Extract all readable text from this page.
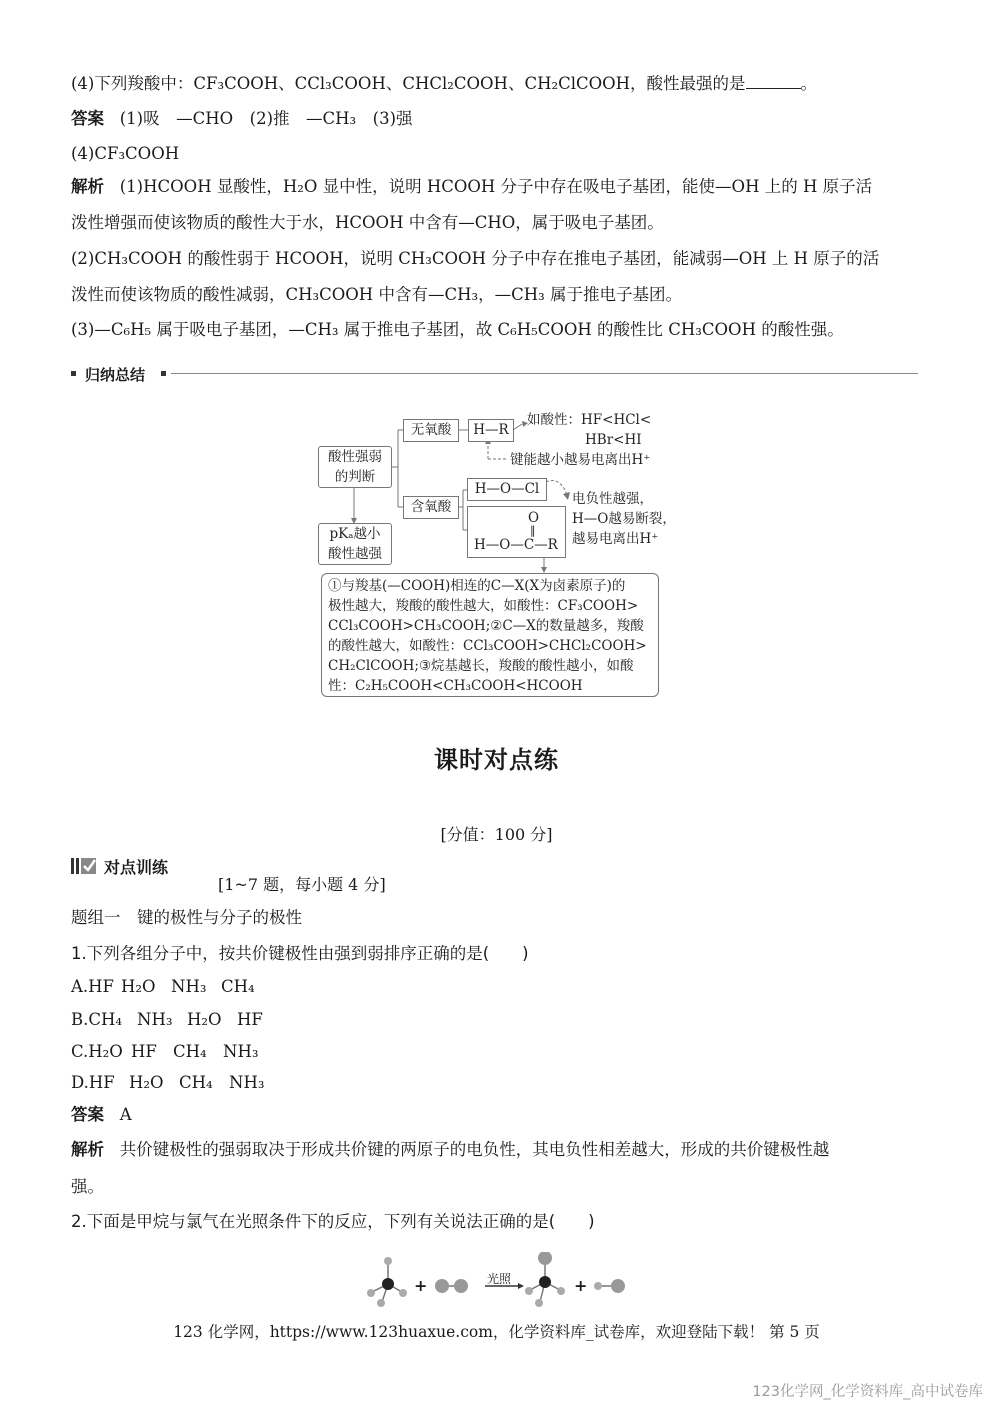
(4)下列羧酸中：CF₃COOH、CCl₃COOH、CHCl₂COOH、CH₂ClCOOH，酸性最强的是	。
答案 (1)吸　—CHO　(2)推　—CH₃　(3)强
(4)CF₃COOH
解析 (1)HCOOH 显酸性，H₂O 显中性，说明 HCOOH 分子中存在吸电子基团，能使—OH 上的 H 原子活
泼性增强而使该物质的酸性大于水，HCOOH 中含有—CHO，属于吸电子基团。
(2)CH₃COOH 的酸性弱于 HCOOH，说明 CH₃COOH 分子中存在推电子基团，能减弱—OH 上 H 原子的活
泼性而使该物质的酸性减弱，CH₃COOH 中含有—CH₃，—CH₃ 属于推电子基团。
(3)—C₆H₅ 属于吸电子基团，—CH₃ 属于推电子基团，故 C₆H₅COOH 的酸性比 CH₃COOH 的酸性强。
归纳总结
酸性强弱
的判断
无氧酸	H—R
如酸性：HF<HCl<
HBr<HI
键能越小越易电离出H⁺
含氧酸
H—O—Cl
O
‖
H—O—C—R
电负性越强，
H—O越易断裂，
越易电离出H⁺
pKₐ越小
酸性越强
①与羧基(—COOH)相连的C—X(X为卤素原子)的
极性越大，羧酸的酸性越大，如酸性：CF₃COOH>
CCl₃COOH>CH₃COOH;②C—X的数量越多，羧酸
的酸性越大，如酸性：CCl₃COOH>CHCl₂COOH>
CH₂ClCOOH;③烷基越长，羧酸的酸性越小，如酸
性：C₂H₅COOH<CH₃COOH<HCOOH
课时对点练
[分值：100 分]
对点训练
[1~7 题，每小题 4 分]
题组一　键的极性与分子的极性
1.下列各组分子中，按共价键极性由强到弱排序正确的是(　　)
A.HF H₂O NH₃ CH₄
B.CH₄ NH₃ H₂O HF
C.H₂O HF CH₄ NH₃
D.HF H₂O CH₄ NH₃
答案 A
解析 共价键极性的强弱取决于形成共价键的两原子的电负性，其电负性相差越大，形成的共价键极性越
强。
2.下面是甲烷与氯气在光照条件下的反应，下列有关说法正确的是(　　)
+	光照	+
123 化学网，https://www.123huaxue.com，化学资料库_试卷库，欢迎登陆下载！ 第 5 页
123化学网_化学资料库_高中试卷库
